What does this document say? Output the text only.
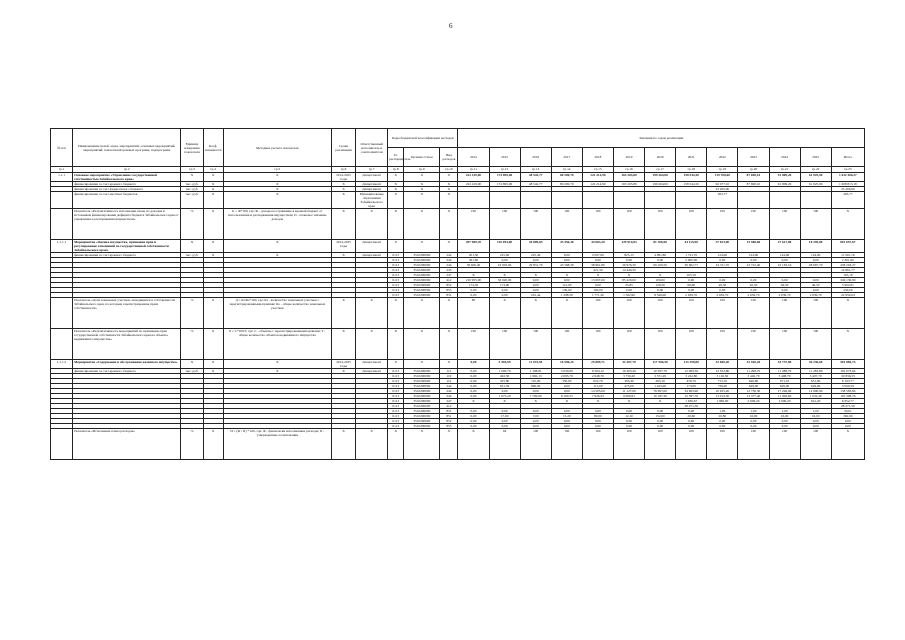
6
№ п/п	Наименование целей, задач, мероприятий, основных мероприятий, мероприятий, показателей целевых программ, подпрограмм	Единица измерения показателя	Коэф. значимости	Методика расчета показателя	Сроки реализации	Ответственный исполнитель и соисполнители	Коды бюджетной классификации расходов			Значения по годам реализации												
							Гл. распорядитель	Целевая статья	Вид расходов	2014	2015	2016	2017	2018	2019	2020	2021	2022	2023	2024	2025	Итого
гр.1	гр.2	гр.3	гр.4	гр.5	гр.6	гр.7	гр.8	гр.9	гр.10	гр.11	гр.12	гр.13	гр.14	гр.15	гр.16	гр.17	гр.18	гр.19	гр.20	гр.21	гр.22	гр.23
1.1.1	Основное мероприятие «Управление государственной собственностью Забайкальского края»	X	X	X	2014-2025 годы	Департамент	X	X	X	222 419,00	174 895,00	48 542,77	80 200,70	122 214,90	163 203,80	199 264,00	158 544,50	119 700,60	87 690,10	91 809,20	61 925,90	1 632 406,27
	финансирование за счет краевого бюджета	тыс. руб.	X	X	X	Департамент	X	X	X	222 419,00	174 895,00	48 542,77	80 200,70	122 214,90	163 203,80	199 264,00	158 544,50	92 077,10	87 690,10	91 809,20	61 925,90	1 608 815,18
	финансирование за счет федерального бюджета	тыс. руб.	X	X	X	Департамент	X	X	X									23 206,90				23 206,90
	финансирование за счет местных бюджетов	тыс. руб.	X	X	X	Муниципальные образования Забайкальского края	X	X	X									263,77				263,77
	Показатель «Результативность исполнения плана по доходам и источникам финансирования дефицита бюджета Забайкальского края от управления и распоряжения имуществом»	%	X	Ir = Ф*100, где: Ф - доходы поступившие в краевой бюджет от использования и распоряжения имуществом; П - плановое значение доходов	X	X	X	X	X	100	100	100	100	100	100	100	100	100	100	100	100	X
1.1.1.1	Мероприятие «Оценка имущества, признание прав и регулирование отношений по государственной собственности Забайкальского края»	X	X	X	2014-2025 годы	Департамент	X	X	X	207 969,70	110 094,00	30 809,83	43 456,30	44 063,20	129 914,83	81 706,90	44 115,90	37 623,90	15 968,60	27 617,80	18 295,80	801 657,67
	финансирование за счет краевого бюджета	тыс. руб.	X	X	X	Департамент	0113	3510290090	242	201,30	225,00	225,49	0,00	2 097,00	825,15	4 091,80	1 741,70	124,00	124,00	124,00	124,00	11 901,16
							0113	3510290090	244	361,60	0,00	0,00	0,00	0,00	0,00	0,00	2 000,00	0,00	0,00	0,00	0,00	2 361,60
							0113	3510290090	244	36 600,40	24 903,00	29 831,70	43 398,30	38 961,80	29 976,30	69 100,50	36 602,77	34 311,70	23 722,40	22 163,10	28 667,70	438 203,27
							0113	3510290090	245					421,30	14 440,50							14 861,77
							0113	3510290090	247	X	X	X	X	X	X	X	105,16					105,16
							0113	3510290090	412	210 955,00	36 920,00	0,00	0,00	13 097,00	85 220,00	100,00	0,00	0,00	0,00	0,00	0,00	346 136,90
							0113	3510290090	852	174,30	174,00	0,00	112,00	0,00	25,85	129,20	66,60	46,50	46,50	46,50	46,50	5 902,81
							0113	3510290090	853	0,00	0,00	0,00	130,00	100,00	0,00	0,00	0,00	0,00	0,00	0,00	0,00	230,00
							0113	3510290090	831	0,00	0,00	261,44	1 298,50	1 771,20	1 562,90	8 549,00	2 639,70	2 639,70	2 639,70	2 639,70	2 639,70	22 950,04
	Показатель «Доля земельных участков, находящихся в собственности Забайкальского края, по которым зарегистрированы права собственности»	%	X	Д = Кз/Ко*100, где: Кз - количество земельных участков с зарегистрированными правами; Ко - общее количество земельных участков	X	X	X	X	X	80	X	X	X	100	100	100	100	100	100	100	100	X
	Показатель «Результативность мероприятий по признанию прав государственной собственности Забайкальского края на объекты недвижимого имущества»	%	X	Р = С*100/Т, где: С - объекты с зарегистрированными правами; Т - общее количество объектов недвижимого имущества	X	X	X	X	X	100	100	100	100	100	100	100	100	100	100	100	100	X
1.1.1.2	Мероприятие «Содержание и обслуживание казенного имущества»	X	X	X	2014-2025 годы	Департамент	X	X	X	0,00	5 494,99	11 075,94	16 596,25	25 809,71	32 207,70	117 500,50	114 299,80	32 000,20	32 920,20	33 737,80	30 236,60	501 884,74
	финансирование за счет краевого бюджета	тыс. руб.	X	X	X	Департамент	0113	3510290090	111	0,00	1 000,70	1 168,81	5 030,00	6 564,12	10 403,40	10 597,70	12 969,30	12 352,80	11 298,70	11 288,70	11 283,80	102 073,64
							0113	3510290090	119	0,00	402,30	1 960,13	2 093,70	2 648,70	3 750,20	3 371,20	3 222,80	3 116,50	3 440,70	3 408,70	3 407,70	30 836,33
							0113	3510290090	112	0,00	435,80	110,00	350,00	619,70	393,40	263,10	476,70	713,10	646,90	671,10	651,60	6 193,77
							0113	3510290090	242	0,00	631,59	900,00	0,00	115,00	473,00	1 425,00	173,00	736,00	629,00	629,00	629,00	5 099,59
							0113	3510290090	244	0,00	0,00	0,00	0,00	14 505,00	11 127,00	78 697,00	34 693,90	10 635,20	12 730,50	17 246,60	12 990,90	138 583,84
							0113	3510290090	244	0,00	1 675,20	7 709,00	8 100,53	7 626,23	9 006,93	10 187,30	12 597,76	13 014,50	13 377,40	11 206,60	1 032,40	103 308,76
							0113	3510290090	247	X	X	X	X	X	X	X	1 936,67	1 969,00	2 006,20	2 006,20	641,20	6 652,77
							0113	3510290090	412								28 271,50					28 271,50
							0113	3510290090	831	0,00	0,00	0,00	0,00	0,00	0,00	0,00	0,00	1,00	1,00	1,00	1,00	30,01
							0113	3510290090	851	0,00	17,00	7,00	15,20	80,00	12,10	152,00	20,60	20,80	16,00	16,00	16,00	362,90
							0113	3510290090	852	0,00	0,00	0,00	0,00	0,00	0,00	0,00	0,00	0,00	0,00	0,00	0,00	0,00
							0113	3510290090	853	0,00	0,00	0,00	0,00	0,00	0,00	0,00	0,00	0,00	0,00	0,00	0,00	0,00
	Показатель «Исполнение плана расходов»	%	X	И = (Ф / П) * 100, где: Ф - фактически исполненные расходы; П - утвержденные ассигнования	X	X	X	X	X	X	94	100	100	100	100	100	100	100	100	100	100	X
